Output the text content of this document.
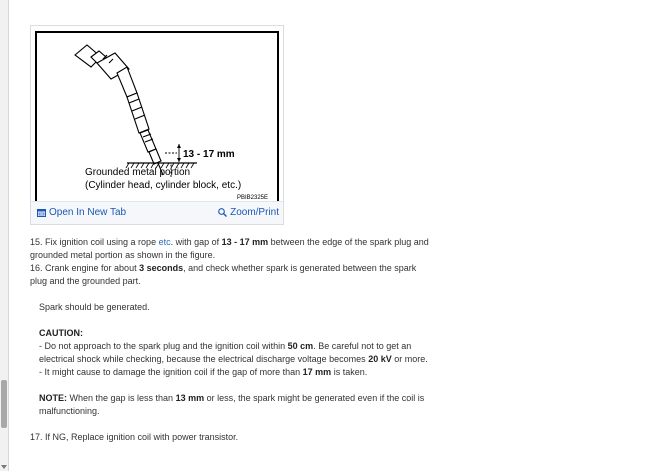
13 - 17 mm
Grounded metal portion
(Cylinder head, cylinder block, etc.)
PBIB2325E
Open In New Tab	Zoom/Print

15. Fix ignition coil using a rope etc. with gap of 13 - 17 mm between the edge of the spark plug and grounded metal portion as shown in the figure.

16. Crank engine for about 3 seconds, and check whether spark is generated between the spark plug and the grounded part.

Spark should be generated.

CAUTION:

- Do not approach to the spark plug and the ignition coil within 50 cm. Be careful not to get an electrical shock while checking, because the electrical discharge voltage becomes 20 kV or more.

- It might cause to damage the ignition coil if the gap of more than 17 mm is taken.

NOTE: When the gap is less than 13 mm or less, the spark might be generated even if the coil is malfunctioning.

17. If NG, Replace ignition coil with power transistor.
